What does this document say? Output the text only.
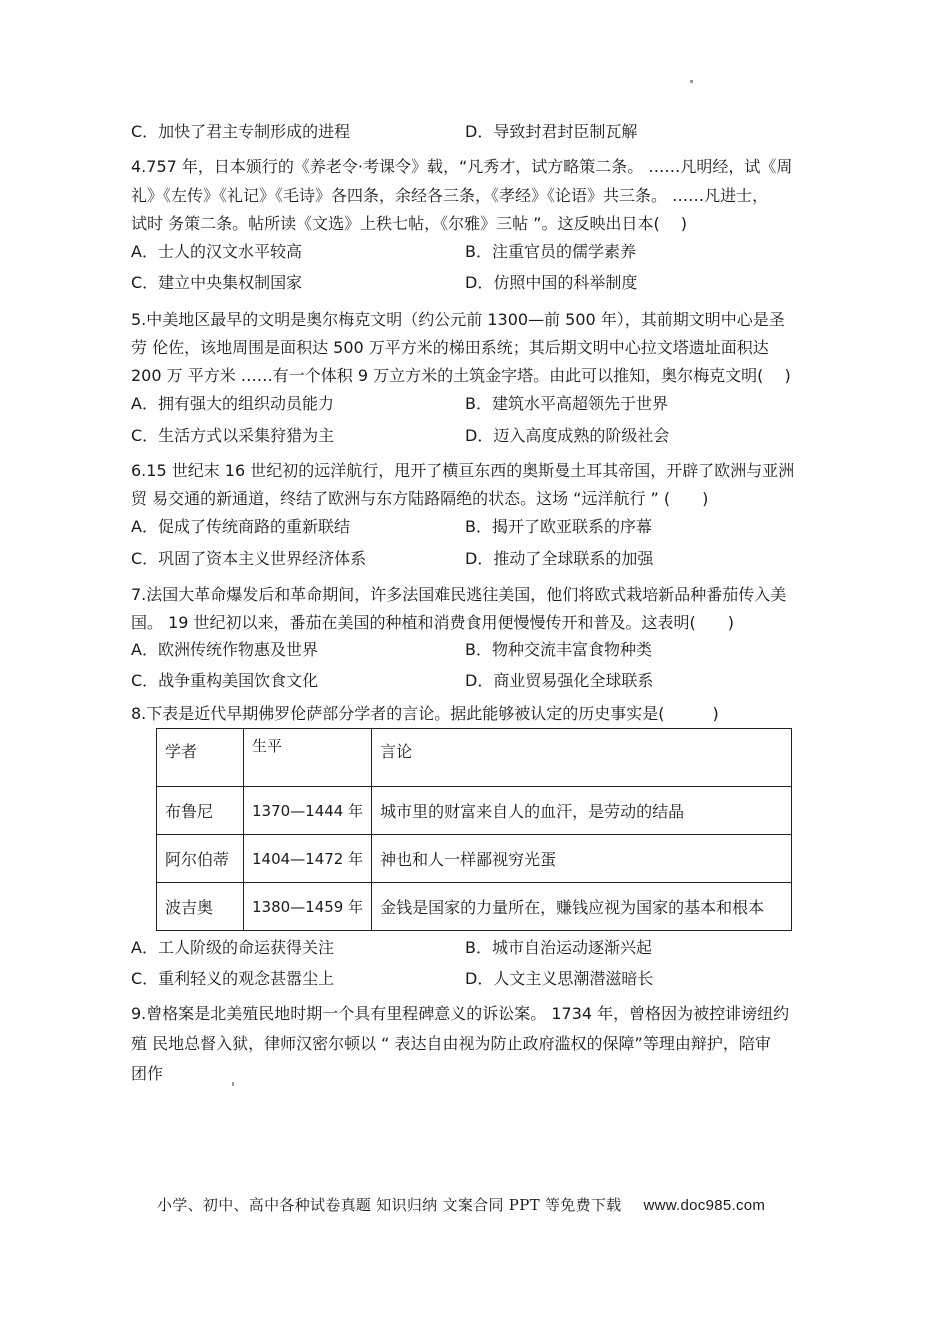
C．加快了君主专制形成的进程	D．导致封君封臣制瓦解
4.757 年，日本颁行的《养老令·考课令》载，“凡秀才，试方略策二条。 ……凡明经，试《周
礼》《左传》《礼记》《毛诗》各四条，余经各三条，《孝经》《论语》共三条。 ……凡进士，
试时 务策二条。帖所读《文选》上秩七帖，《尔雅》三帖 ”。这反映出日本(　 )
A．士人的汉文水平较高	B．注重官员的儒学素养
C．建立中央集权制国家	D．仿照中国的科举制度
5.中美地区最早的文明是奥尔梅克文明（约公元前 1300—前 500 年），其前期文明中心是圣
劳 伦佐，该地周围是面积达 500 万平方米的梯田系统；其后期文明中心拉文塔遗址面积达
200 万 平方米 ……有一个体积 9 万立方米的土筑金字塔。由此可以推知，奥尔梅克文明(　 )
A．拥有强大的组织动员能力	B．建筑水平高超领先于世界
C．生活方式以采集狩猎为主	D．迈入高度成熟的阶级社会
6.15 世纪末 16 世纪初的远洋航行，甩开了横亘东西的奥斯曼土耳其帝国，开辟了欧洲与亚洲
贸 易交通的新通道，终结了欧洲与东方陆路隔绝的状态。这场 “远洋航行 ” (　　)
A．促成了传统商路的重新联结	B．揭开了欧亚联系的序幕
C．巩固了资本主义世界经济体系	D．推动了全球联系的加强
7.法国大革命爆发后和革命期间，许多法国难民逃往美国，他们将欧式栽培新品种番茄传入美
国。 19 世纪初以来，番茄在美国的种植和消费食用便慢慢传开和普及。这表明(　　)
A．欧洲传统作物惠及世界	B．物种交流丰富食物种类
C．战争重构美国饮食文化	D．商业贸易强化全球联系
8.下表是近代早期佛罗伦萨部分学者的言论。据此能够被认定的历史事实是(　　　)
学者	生平	言论
布鲁尼	1370—1444 年	城市里的财富来自人的血汗，是劳动的结晶
阿尔伯蒂	1404—1472 年	神也和人一样鄙视穷光蛋
波吉奥	1380—1459 年	金钱是国家的力量所在，赚钱应视为国家的基本和根本
A．工人阶级的命运获得关注	B．城市自治运动逐渐兴起
C．重利轻义的观念甚嚣尘上	D．人文主义思潮潜滋暗长
9.曾格案是北美殖民地时期一个具有里程碑意义的诉讼案。 1734 年，曾格因为被控诽谤纽约
殖 民地总督入狱，律师汉密尔顿以 “ 表达自由视为防止政府滥权的保障”等理由辩护，陪审
团作
小学、初中、高中各种试卷真题 知识归纳 文案合同 PPT 等免费下载 www.doc985.com
